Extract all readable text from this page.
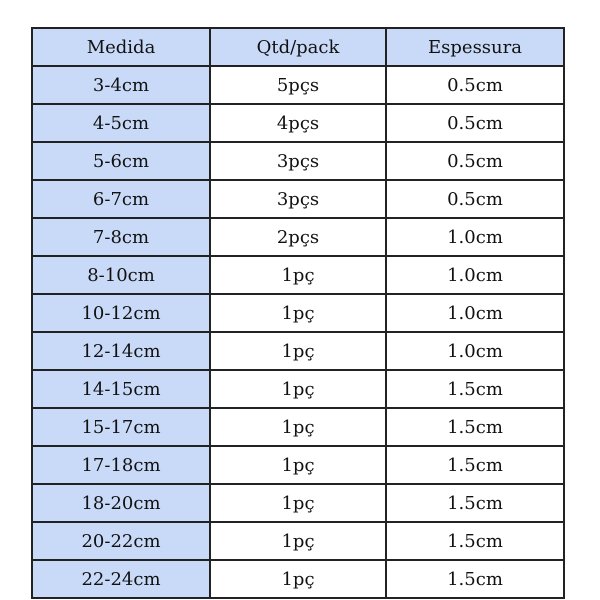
Medida	Qtd/pack	Espessura
3-4cm	5pçs	0.5cm
4-5cm	4pçs	0.5cm
5-6cm	3pçs	0.5cm
6-7cm	3pçs	0.5cm
7-8cm	2pçs	1.0cm
8-10cm	1pç	1.0cm
10-12cm	1pç	1.0cm
12-14cm	1pç	1.0cm
14-15cm	1pç	1.5cm
15-17cm	1pç	1.5cm
17-18cm	1pç	1.5cm
18-20cm	1pç	1.5cm
20-22cm	1pç	1.5cm
22-24cm	1pç	1.5cm
